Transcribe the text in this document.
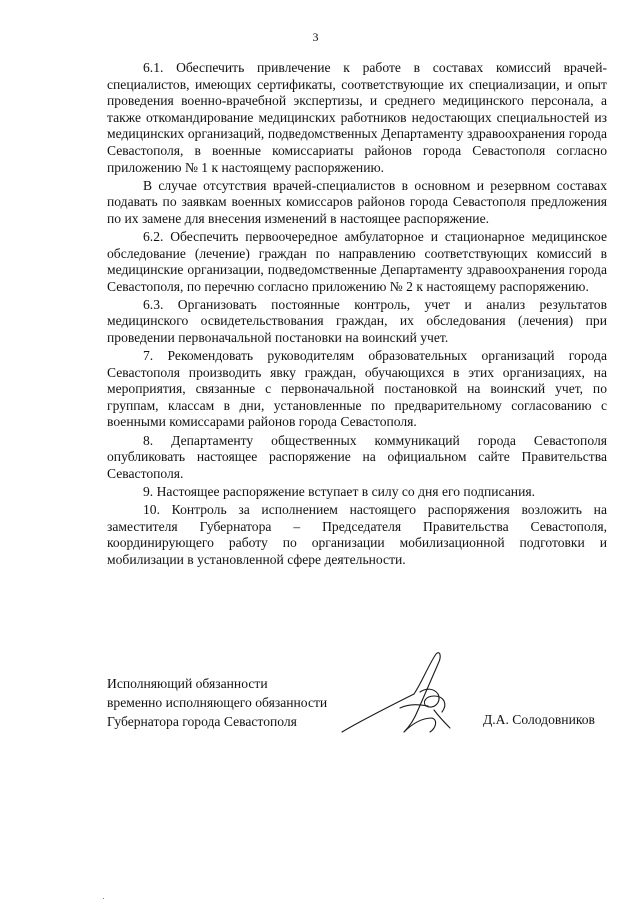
3

6.1. Обеспечить привлечение к работе в составах комиссий врачей-специалистов, имеющих сертификаты, соответствующие их специализации, и опыт проведения военно-врачебной экспертизы, и среднего медицинского персонала, а также откомандирование медицинских работников недостающих специальностей из медицинских организаций, подведомственных Департаменту здравоохранения города Севастополя, в военные комиссариаты районов города Севастополя согласно приложению № 1 к настоящему распоряжению.

В случае отсутствия врачей-специалистов в основном и резервном составах подавать по заявкам военных комиссаров районов города Севастополя предложения по их замене для внесения изменений в настоящее распоряжение.

6.2. Обеспечить первоочередное амбулаторное и стационарное медицинское обследование (лечение) граждан по направлению соответствующих комиссий в медицинские организации, подведомственные Департаменту здравоохранения города Севастополя, по перечню согласно приложению № 2 к настоящему распоряжению.

6.3. Организовать постоянные контроль, учет и анализ результатов медицинского освидетельствования граждан, их обследования (лечения) при проведении первоначальной постановки на воинский учет.

7. Рекомендовать руководителям образовательных организаций города Севастополя производить явку граждан, обучающихся в этих организациях, на мероприятия, связанные с первоначальной постановкой на воинский учет, по группам, классам в дни, установленные по предварительному согласованию с военными комиссарами районов города Севастополя.

8. Департаменту общественных коммуникаций города Севастополя опубликовать настоящее распоряжение на официальном сайте Правительства Севастополя.

9. Настоящее распоряжение вступает в силу со дня его подписания.

10. Контроль за исполнением настоящего распоряжения возложить на заместителя Губернатора – Председателя Правительства Севастополя, координирующего работу по организации мобилизационной подготовки и мобилизации в установленной сфере деятельности.

Исполняющий обязанности
временно исполняющего обязанности
Губернатора города Севастополя	Д.А. Солодовников
